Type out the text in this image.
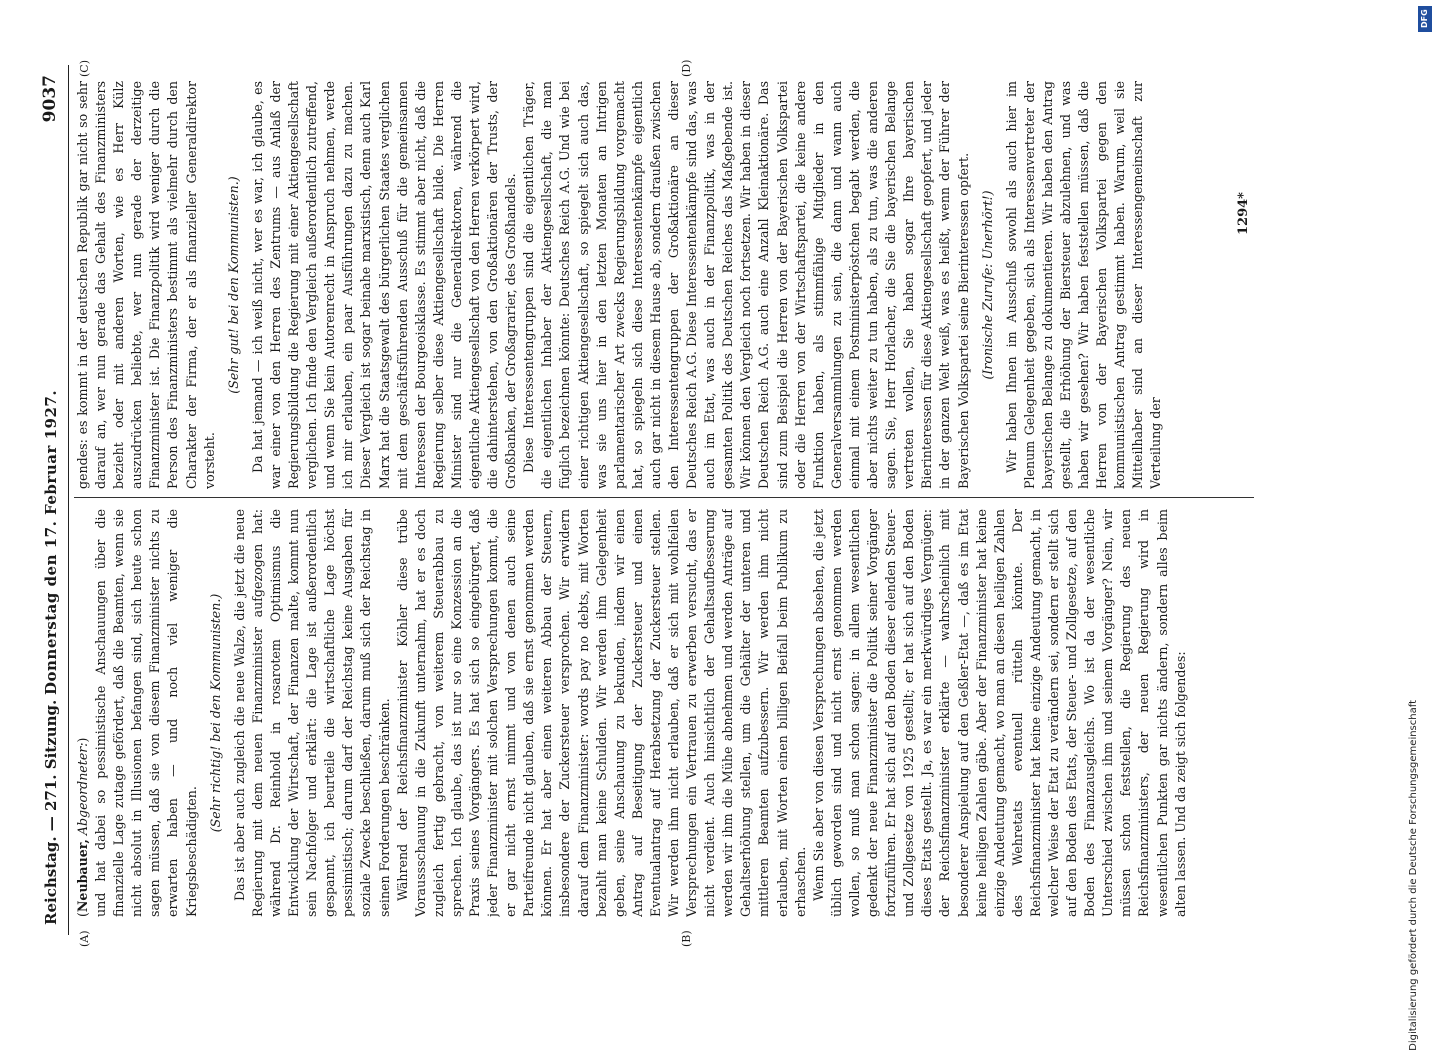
Reichstag. — 271. Sitzung.
Donnerstag den 17. Februar 1927.
9037
(A)	(B)
(C)	(D)

(Neubauer, Abgeordneter:) und hat dabei so pessimistische Anschauungen über die finanzielle Lage zutage gefördert, daß die Beamten, wenn sie nicht absolut in Illusionen befangen sind, sich heute schon sagen müssen, daß sie von diesem Finanzminister nichts zu erwarten haben — und noch viel weniger die Kriegsbeschädigten.

(Sehr richtig! bei den Kommunisten.) Das ist aber auch zugleich die neue Walze, die jetzt die neue Regierung mit dem neuen Finanzminister aufgezogen hat: während Dr. Reinhold in rosarotem Optimismus die Entwicklung der Wirtschaft, der Finanzen malte, kommt nun sein Nachfolger und erklärt: die Lage ist außerordentlich gespannt, ich beurteile die wirtschaftliche Lage höchst pessimistisch; darum darf der Reichstag keine Ausgaben für soziale Zwecke beschließen, darum muß sich der Reichstag in seinen Forderungen beschränken. Während der Reichsfinanzminister Köhler diese trübe Voraussschauung in die Zukunft unternahm, hat er es doch zugleich fertig gebracht, von weiterem Steuerabbau zu sprechen. Ich glaube, das ist nur so eine Konzession an die Praxis seines Vorgängers. Es hat sich so eingebürgert, daß jeder Finanzminister mit solchen Versprechungen kommt, die er gar nicht ernst nimmt und von denen auch seine Parteifreunde nicht glauben, daß sie ernst genommen werden können. Er hat aber einen weiteren Abbau der Steuern, insbesondere der Zuckersteuer versprochen. Wir erwidern darauf dem Finanzminister: words pay no debts, mit Worten bezahlt man keine Schulden. Wir werden ihm Gelegenheit geben, seine Anschauung zu bekunden, indem wir einen Antrag auf Beseitigung der Zuckersteuer und einen Eventualantrag auf Herabsetzung der Zuckersteuer stellen. Wir werden ihm nicht erlauben, daß er sich mit wohlfeilen Versprechungen ein Vertrauen zu erwerben versucht, das er nicht verdient. Auch hinsichtlich der Gehaltsaufbesserung werden wir ihm die Mühe abnehmen und werden Anträge auf Gehaltserhöhung stellen, um die Gehälter der unteren und mittleren Beamten aufzubessern. Wir werden ihm nicht erlauben, mit Worten einen billigen Beifall beim Publikum zu erhaschen. Wenn Sie aber von diesen Versprechungen absehen, die jetzt üblich geworden sind und nicht ernst genommen werden wollen, so muß man schon sagen: in allem wesentlichen gedenkt der neue Finanzminister die Politik seiner Vorgänger fortzuführen. Er hat sich auf den Boden dieser elenden Steuer- und Zollgesetze von 1925 gestellt; er hat sich auf den Boden dieses Etats gestellt. Ja, es war ein merkwürdiges Vergnügen: der Reichsfinanzminister erklärte — wahrscheinlich mit besonderer Anspielung auf den Geßler-Etat —, daß es im Etat keine heiligen Zahlen gäbe. Aber der Finanzminister hat keine einzige Andeutung gemacht, wo man an diesen heiligen Zahlen des Wehretats eventuell rütteln könnte. Der Reichsfinanzminister hat keine einzige Andeutung gemacht, in welcher Weise der Etat zu verändern sei, sondern er stellt sich auf den Boden des Etats, der Steuer- und Zollgesetze, auf den Boden des Finanzausgleichs. Wo ist da der wesentliche Unterschied zwischen ihm und seinem Vorgänger? Nein, wir müssen schon feststellen, die Regierung des neuen Reichsfinanzministers, der neuen Regierung wird in wesentlichen Punkten gar nichts ändern, sondern alles beim alten lassen. Und da zeigt sich folgendes:

gendes: es kommt in der deutschen Republik gar nicht so sehr darauf an, wer nun gerade das Gehalt des Finanzministers bezieht oder mit anderen Worten, wie es Herr Külz auszudrücken beliebte, wer nun gerade der derzeitige Finanzminister ist. Die Finanzpolitik wird weniger durch die Person des Finanzministers bestimmt als vielmehr durch den Charakter der Firma, der er als finanzieller Generaldirektor vorsteht.

(Sehr gut! bei den Kommunisten.) Da hat jemand — ich weiß nicht, wer es war, ich glaube, es war einer von den Herren des Zentrums — aus Anlaß der Regierungsbildung die Regierung mit einer Aktiengesellschaft verglichen. Ich finde den Vergleich außerordentlich zutreffend, und wenn Sie kein Autorenrecht in Anspruch nehmen, werde ich mir erlauben, ein paar Ausführungen dazu zu machen. Dieser Vergleich ist sogar beinahe marxistisch, denn auch Karl Marx hat die Staatsgewalt des bürgerlichen Staates verglichen mit dem geschäftsführenden Ausschuß für die gemeinsamen Interessen der Bourgeoisklasse. Es stimmt aber nicht, daß die Regierung selber diese Aktiengesellschaft bilde. Die Herren Minister sind nur die Generaldirektoren, während die eigentliche Aktiengesellschaft von den Herren verkörpert wird, die dahinterstehen, von den Großaktionären der Trusts, der Großbanken, der Großagrarier, des Großhandels. Diese Interessentengruppen sind die eigentlichen Träger, die eigentlichen Inhaber der Aktiengesellschaft, die man füglich bezeichnen könnte: Deutsches Reich A.G. Und wie bei einer richtigen Aktiengesellschaft, so spiegelt sich auch das, was sie uns hier in den letzten Monaten an Intrigen parlamentarischer Art zwecks Regierungsbildung vorgemacht hat, so spiegeln sich diese Interessentenkämpfe eigentlich auch gar nicht in diesem Hause ab, sondern draußen zwischen den Interessentengruppen der Großaktionäre an dieser Deutsches Reich A.G. Diese Interessentenkämpfe sind das, was auch im Etat, was auch in der Finanzpolitik, was in der gesamten Politik des Deutschen Reiches das Maßgebende ist. Wir können den Vergleich noch fortsetzen. Wir haben in dieser Deutschen Reich A.G. auch eine Anzahl Kleinaktionäre. Das sind zum Beispiel die Herren von der Bayerischen Volkspartei oder die Herren von der Wirtschaftspartei, die keine andere Funktion haben, als stimmfähige Mitglieder in den Generalversammlungen zu sein, die dann und wann auch einmal mit einem Postministerpöstchen begabt werden, die aber nichts weiter zu tun haben, als zu tun, was die anderen sagen. Sie, Herr Horlacher, die Sie die bayerischen Belange vertreten wollen, Sie haben sogar Ihre bayerischen Bierinteressen für diese Aktiengesellschaft geopfert, und jeder in der ganzen Welt weiß, was es heißt, wenn der Führer der Bayerischen Volkspartei seine Bierinteressen opfert. (Ironische Zurufe: Unerhört!) Wir haben Ihnen im Ausschuß sowohl als auch hier im Plenum Gelegenheit gegeben, sich als Interessenvertreter der bayerischen Belange zu dokumentieren. Wir haben den Antrag gestellt, die Erhöhung der Biersteuer abzulehnen, und was haben wir gesehen? Wir haben feststellen müssen, daß die Herren von der Bayerischen Volkspartei gegen den kommunistischen Antrag gestimmt haben. Warum, weil sie Mitteilhaber sind an dieser Interessengemeinschaft zur Verteilung der

1294*
DFG
Digitalisierung gefördert durch die Deutsche Forschungsgemeinschaft
